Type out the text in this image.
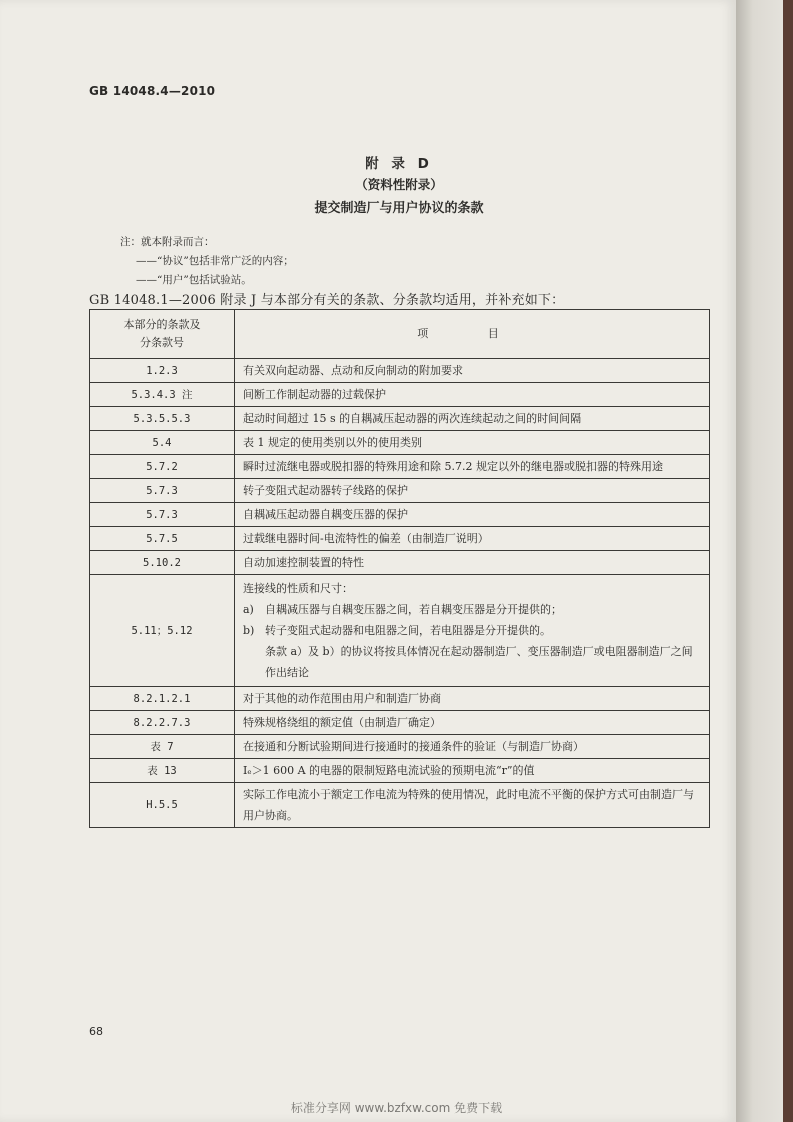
GB 14048.4—2010
附 录 D
（资料性附录）
提交制造厂与用户协议的条款
注：就本附录而言：
——“协议”包括非常广泛的内容；
——“用户”包括试验站。
GB 14048.1—2006 附录 J 与本部分有关的条款、分条款均适用，并补充如下：
本部分的条款及
分条款号	项 目
1.2.3	有关双向起动器、点动和反向制动的附加要求
5.3.4.3 注	间断工作制起动器的过载保护
5.3.5.5.3	起动时间超过 15 s 的自耦减压起动器的两次连续起动之间的时间间隔
5.4	表 1 规定的使用类别以外的使用类别
5.7.2	瞬时过流继电器或脱扣器的特殊用途和除 5.7.2 规定以外的继电器或脱扣器的特殊用途
5.7.3	转子变阻式起动器转子线路的保护
5.7.3	自耦减压起动器自耦变压器的保护
5.7.5	过载继电器时间-电流特性的偏差（由制造厂说明）
5.10.2	自动加速控制装置的特性
5.11；5.12	连接线的性质和尺寸：
a) 自耦减压器与自耦变压器之间，若自耦变压器是分开提供的；
b) 转子变阻式起动器和电阻器之间，若电阻器是分开提供的。
条款 a）及 b）的协议将按具体情况在起动器制造厂、变压器制造厂或电阻器制造厂之间作出结论

8.2.1.2.1	对于其他的动作范围由用户和制造厂协商
8.2.2.7.3	特殊规格绕组的额定值（由制造厂确定）
表 7	在接通和分断试验期间进行接通时的接通条件的验证（与制造厂协商）
表 13	Iₑ＞1 600 A 的电器的限制短路电流试验的预期电流“r”的值
H.5.5	实际工作电流小于额定工作电流为特殊的使用情况，此时电流不平衡的保护方式可由制造厂与用户协商。
68
标准分享网 www.bzfxw.com 免费下载
